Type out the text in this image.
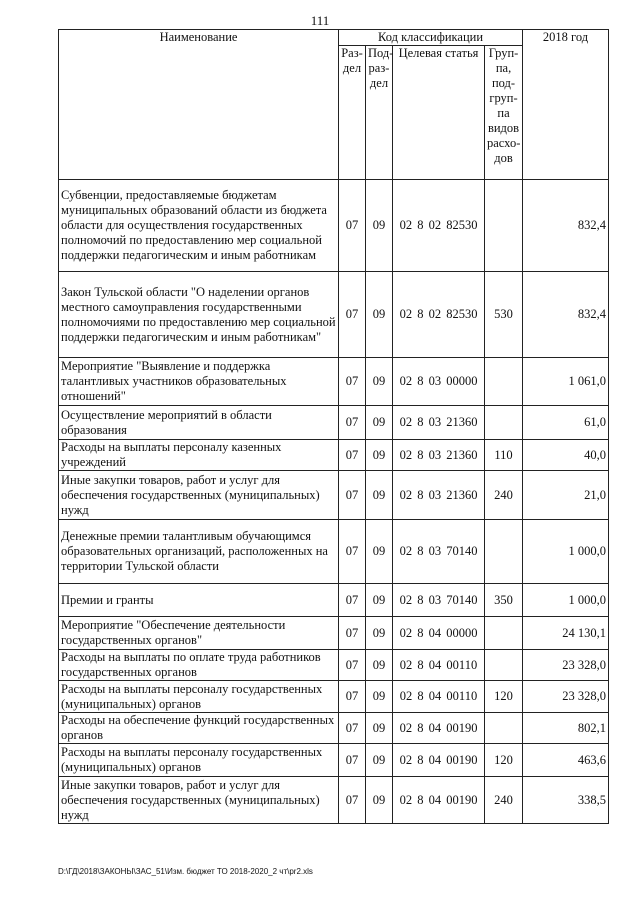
111
Наименование	Код классификации				2018 год
	Раз-дел	Под-раз-дел	Целевая статья	Груп-па, под-груп-па видов расхо-дов	
Субвенции, предоставляемые бюджетам муниципальных образований области из бюджета области для осуществления государственных полномочий по предоставлению мер социальной поддержки педагогическим и иным работникам	07	09	02 8 02 82530		832,4
Закон Тульской области "О наделении органов местного самоуправления государственными полномочиями по предоставлению мер социальной поддержки педагогическим и иным работникам"	07	09	02 8 02 82530	530	832,4
Мероприятие "Выявление и поддержка талантливых участников образовательных отношений"	07	09	02 8 03 00000		1 061,0
Осуществление мероприятий в области образования	07	09	02 8 03 21360		61,0
Расходы на выплаты персоналу казенных учреждений	07	09	02 8 03 21360	110	40,0
Иные закупки товаров, работ и услуг для обеспечения государственных (муниципальных) нужд	07	09	02 8 03 21360	240	21,0
Денежные премии талантливым обучающимся образовательных организаций, расположенных на территории Тульской области	07	09	02 8 03 70140		1 000,0
Премии и гранты	07	09	02 8 03 70140	350	1 000,0
Мероприятие "Обеспечение деятельности государственных органов"	07	09	02 8 04 00000		24 130,1
Расходы на выплаты по оплате труда работников государственных органов	07	09	02 8 04 00110		23 328,0
Расходы на выплаты персоналу государственных (муниципальных) органов	07	09	02 8 04 00110	120	23 328,0
Расходы на обеспечение функций государственных органов	07	09	02 8 04 00190		802,1
Расходы на выплаты персоналу государственных (муниципальных) органов	07	09	02 8 04 00190	120	463,6
Иные закупки товаров, работ и услуг для обеспечения государственных (муниципальных) нужд	07	09	02 8 04 00190	240	338,5
D:\ГД\2018\ЗАКОНЫ\ЗАС_51\Изм. бюджет ТО 2018-2020_2 чт\pr2.xls
